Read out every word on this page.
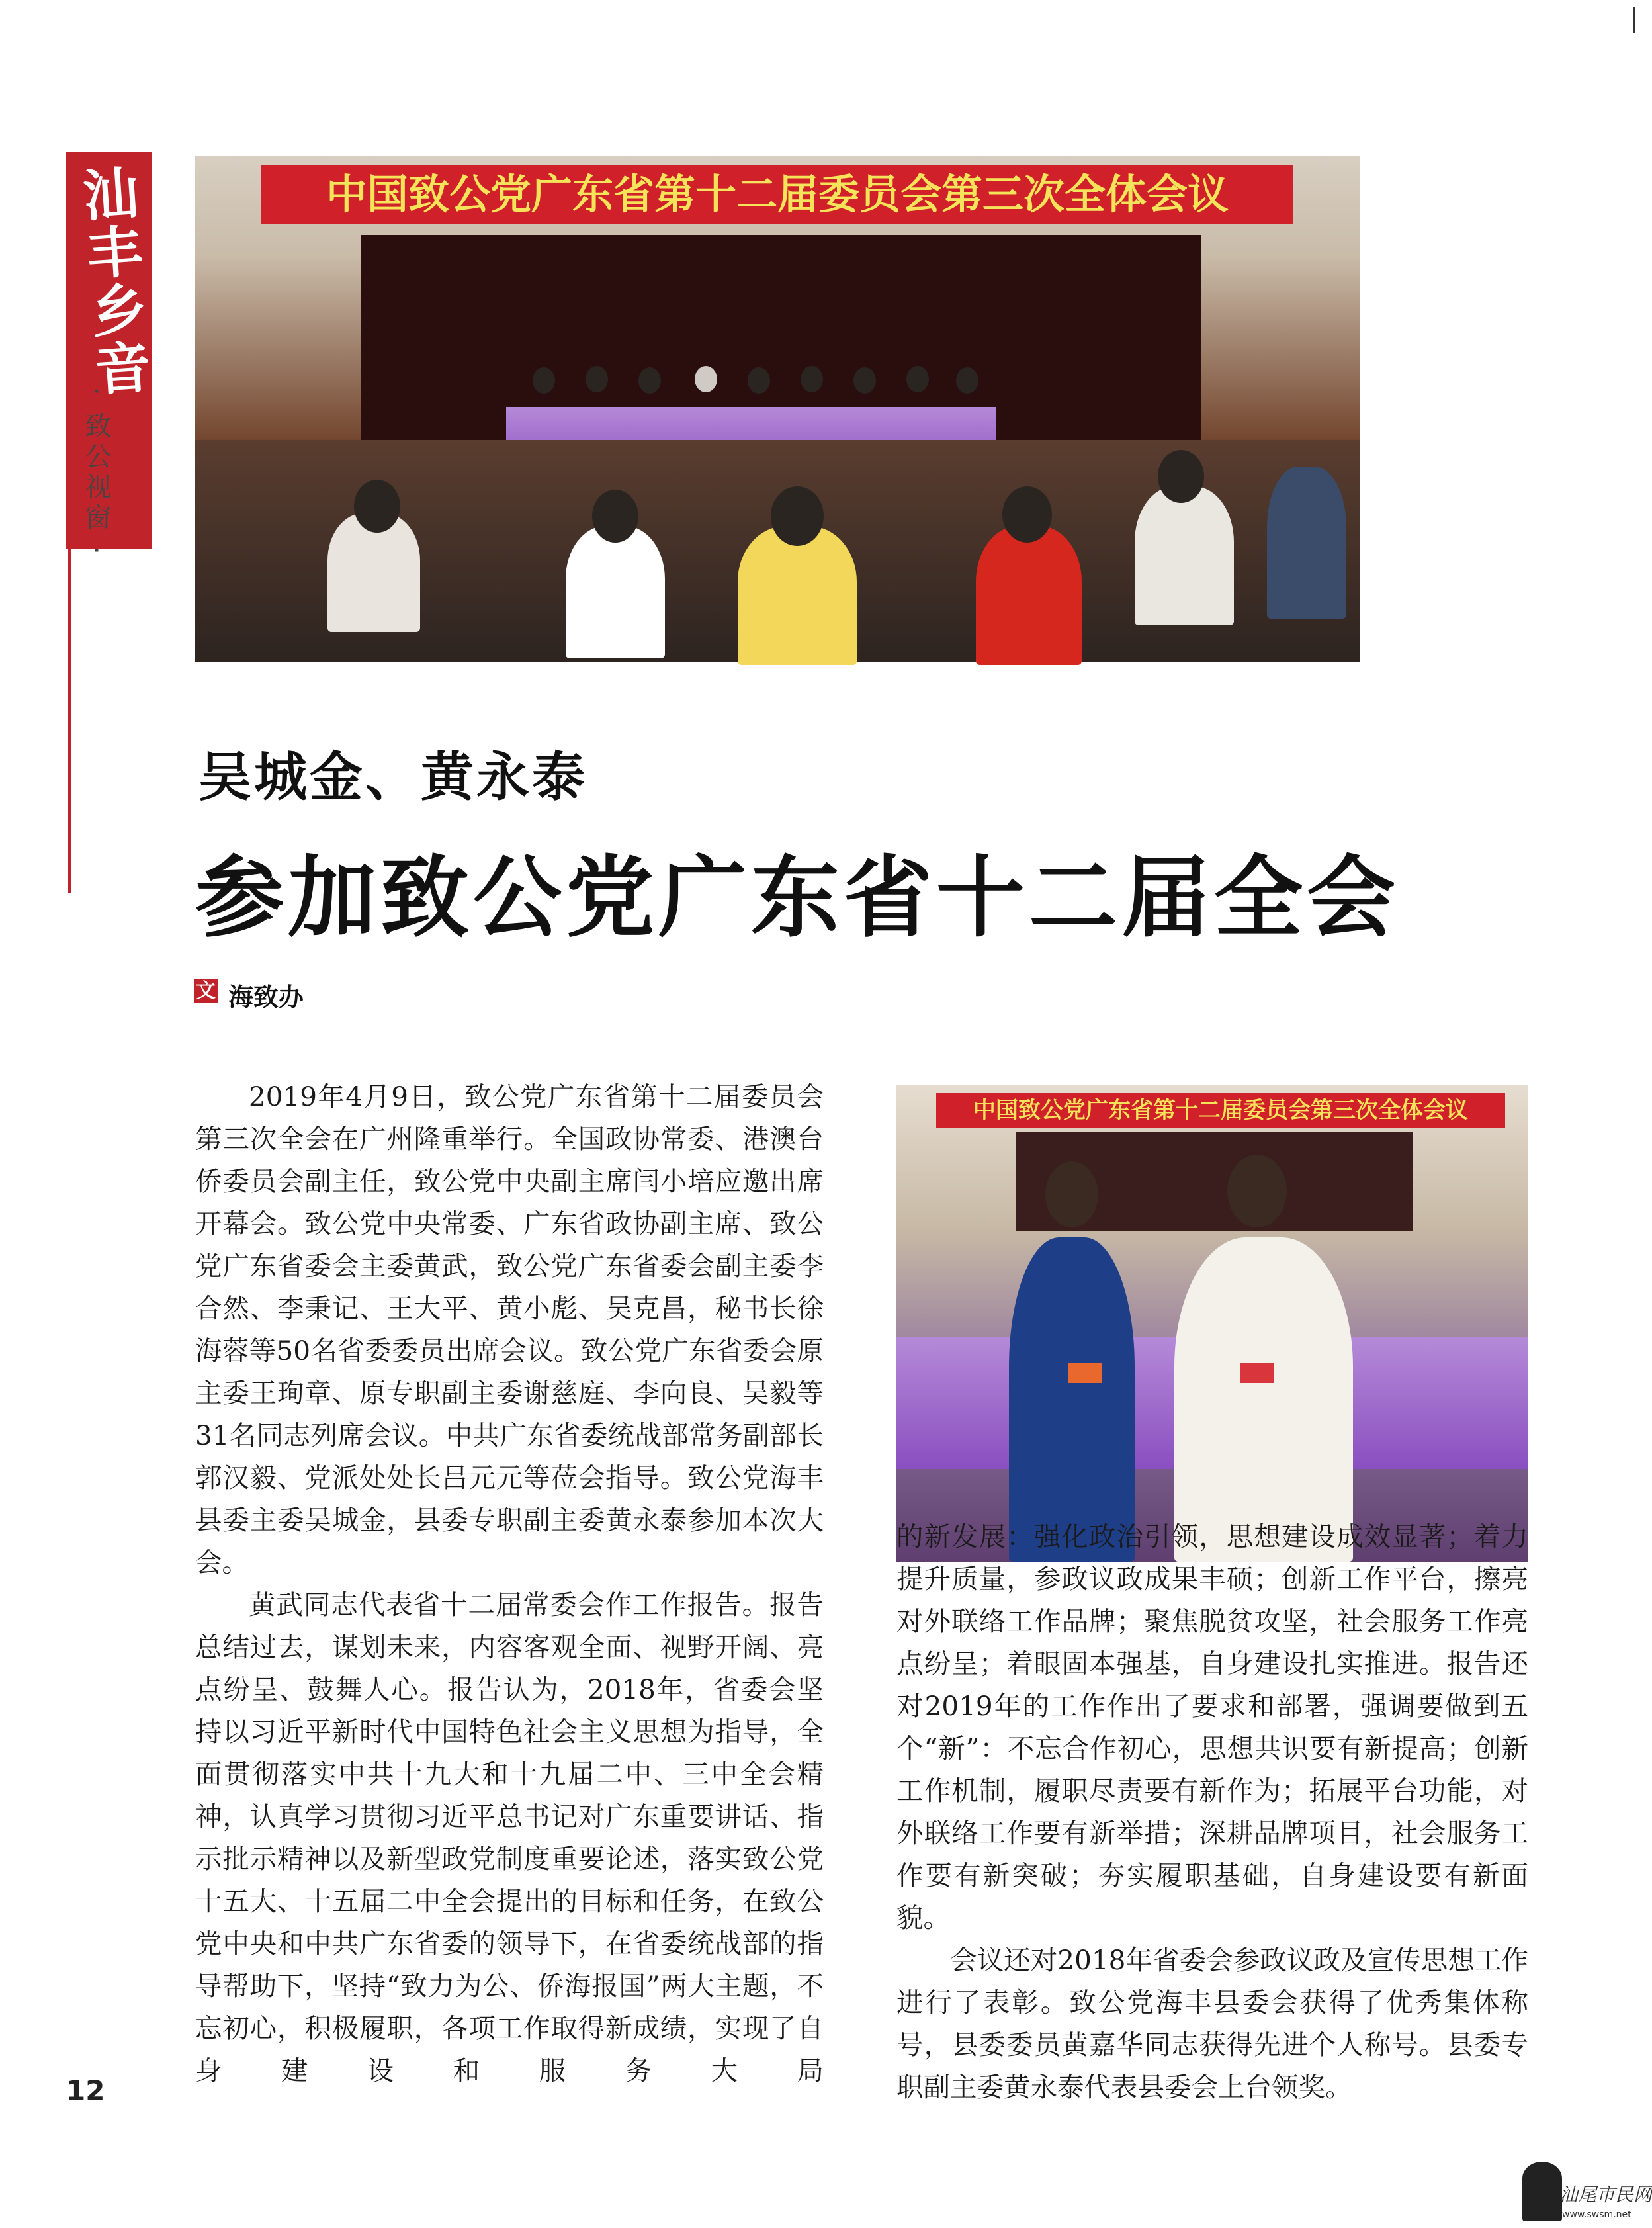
汕丰乡音
· 致公视窗 ·
中国致公党广东省第十二届委员会第三次全体会议
吴城金、黄永泰
参加致公党广东省十二届全会
文 海致办

2019年4月9日，致公党广东省第十二届委员会第三次全会在广州隆重举行。全国政协常委、港澳台侨委员会副主任，致公党中央副主席闫小培应邀出席开幕会。致公党中央常委、广东省政协副主席、致公党广东省委会主委黄武，致公党广东省委会副主委李合然、李秉记、王大平、黄小彪、吴克昌，秘书长徐海蓉等50名省委委员出席会议。致公党广东省委会原主委王珣章、原专职副主委谢慈庭、李向良、吴毅等31名同志列席会议。中共广东省委统战部常务副部长郭汉毅、党派处处长吕元元等莅会指导。致公党海丰县委主委吴城金，县委专职副主委黄永泰参加本次大会。

黄武同志代表省十二届常委会作工作报告。报告总结过去，谋划未来，内容客观全面、视野开阔、亮点纷呈、鼓舞人心。报告认为，2018年，省委会坚持以习近平新时代中国特色社会主义思想为指导，全面贯彻落实中共十九大和十九届二中、三中全会精神，认真学习贯彻习近平总书记对广东重要讲话、指示批示精神以及新型政党制度重要论述，落实致公党十五大、十五届二中全会提出的目标和任务，在致公党中央和中共广东省委的领导下，在省委统战部的指导帮助下，坚持“致力为公、侨海报国”两大主题，不忘初心，积极履职，各项工作取得新成绩，实现了自身建设和服务大局

中国致公党广东省第十二届委员会第三次全体会议

的新发展：强化政治引领，思想建设成效显著；着力提升质量，参政议政成果丰硕；创新工作平台，擦亮对外联络工作品牌；聚焦脱贫攻坚，社会服务工作亮点纷呈；着眼固本强基，自身建设扎实推进。报告还对2019年的工作作出了要求和部署，强调要做到五个“新”：不忘合作初心，思想共识要有新提高；创新工作机制，履职尽责要有新作为；拓展平台功能，对外联络工作要有新举措；深耕品牌项目，社会服务工作要有新突破；夯实履职基础，自身建设要有新面貌。

会议还对2018年省委会参政议政及宣传思想工作进行了表彰。致公党海丰县委会获得了优秀集体称号，县委委员黄嘉华同志获得先进个人称号。县委专职副主委黄永泰代表县委会上台领奖。

12
汕尾市民网
www.swsm.net
